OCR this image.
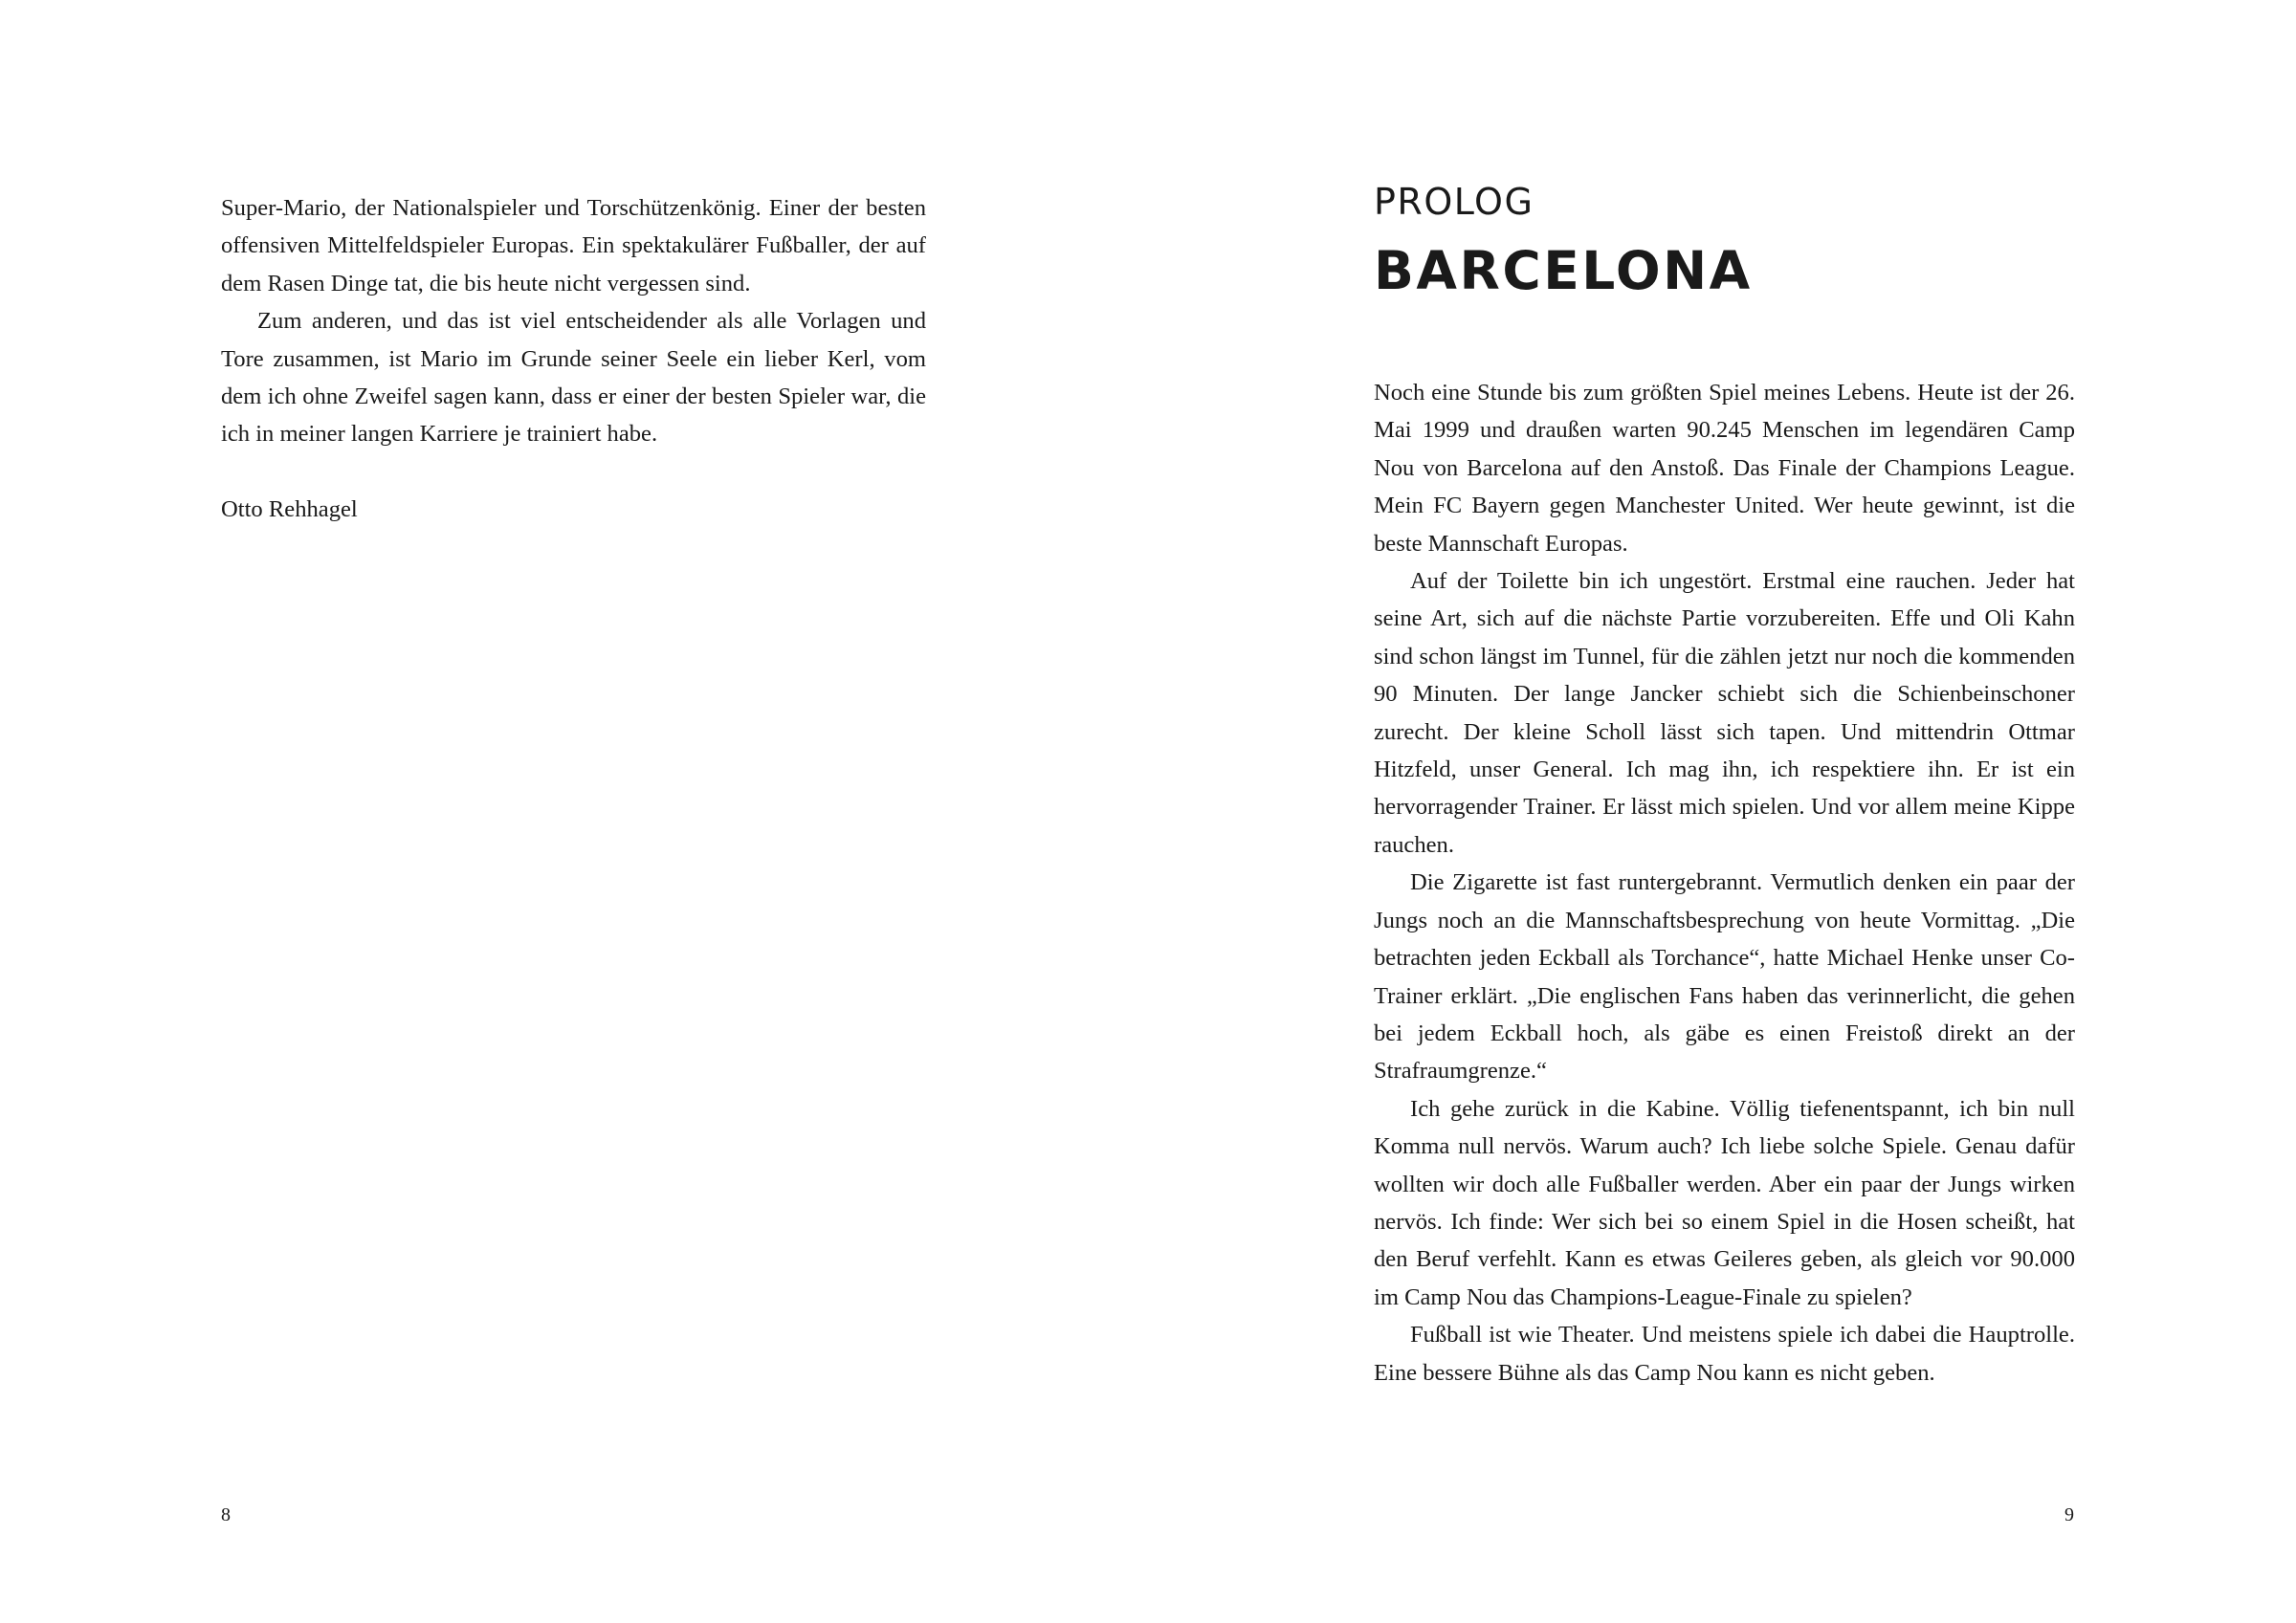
Super-Mario, der Nationalspieler und Torschützenkönig. Einer der besten offensiven Mittelfeldspieler Europas. Ein spektakulärer Fußballer, der auf dem Rasen Dinge tat, die bis heute nicht vergessen sind.

Zum anderen, und das ist viel entscheidender als alle Vorlagen und Tore zusammen, ist Mario im Grunde seiner Seele ein lieber Kerl, vom dem ich ohne Zweifel sagen kann, dass er einer der besten Spieler war, die ich in meiner langen Karriere je trainiert habe.

Otto Rehhagel

8
PROLOG
BARCELONA

Noch eine Stunde bis zum größten Spiel meines Lebens. Heute ist der 26. Mai 1999 und draußen warten 90.245 Menschen im legendären Camp Nou von Barcelona auf den Anstoß. Das Finale der Champions League. Mein FC Bayern gegen Manchester United. Wer heute gewinnt, ist die beste Mannschaft Europas.

Auf der Toilette bin ich ungestört. Erstmal eine rauchen. Jeder hat seine Art, sich auf die nächste Partie vorzubereiten. Effe und Oli Kahn sind schon längst im Tunnel, für die zählen jetzt nur noch die kommenden 90 Minuten. Der lange Jancker schiebt sich die Schienbeinschoner zurecht. Der kleine Scholl lässt sich tapen. Und mittendrin Ottmar Hitzfeld, unser General. Ich mag ihn, ich respektiere ihn. Er ist ein hervorragender Trainer. Er lässt mich spielen. Und vor allem meine Kippe rauchen.

Die Zigarette ist fast runtergebrannt. Vermutlich denken ein paar der Jungs noch an die Mannschaftsbesprechung von heute Vormittag. „Die betrachten jeden Eckball als Torchance“, hatte Michael Henke unser Co-Trainer erklärt. „Die englischen Fans haben das verinnerlicht, die gehen bei jedem Eckball hoch, als gäbe es einen Freistoß direkt an der Strafraumgrenze.“

Ich gehe zurück in die Kabine. Völlig tiefenentspannt, ich bin null Komma null nervös. Warum auch? Ich liebe solche Spiele. Genau dafür wollten wir doch alle Fußballer werden. Aber ein paar der Jungs wirken nervös. Ich finde: Wer sich bei so einem Spiel in die Hosen scheißt, hat den Beruf verfehlt. Kann es etwas Geileres geben, als gleich vor 90.000 im Camp Nou das Champions-League-Finale zu spielen?

Fußball ist wie Theater. Und meistens spiele ich dabei die Hauptrolle. Eine bessere Bühne als das Camp Nou kann es nicht geben.

9
